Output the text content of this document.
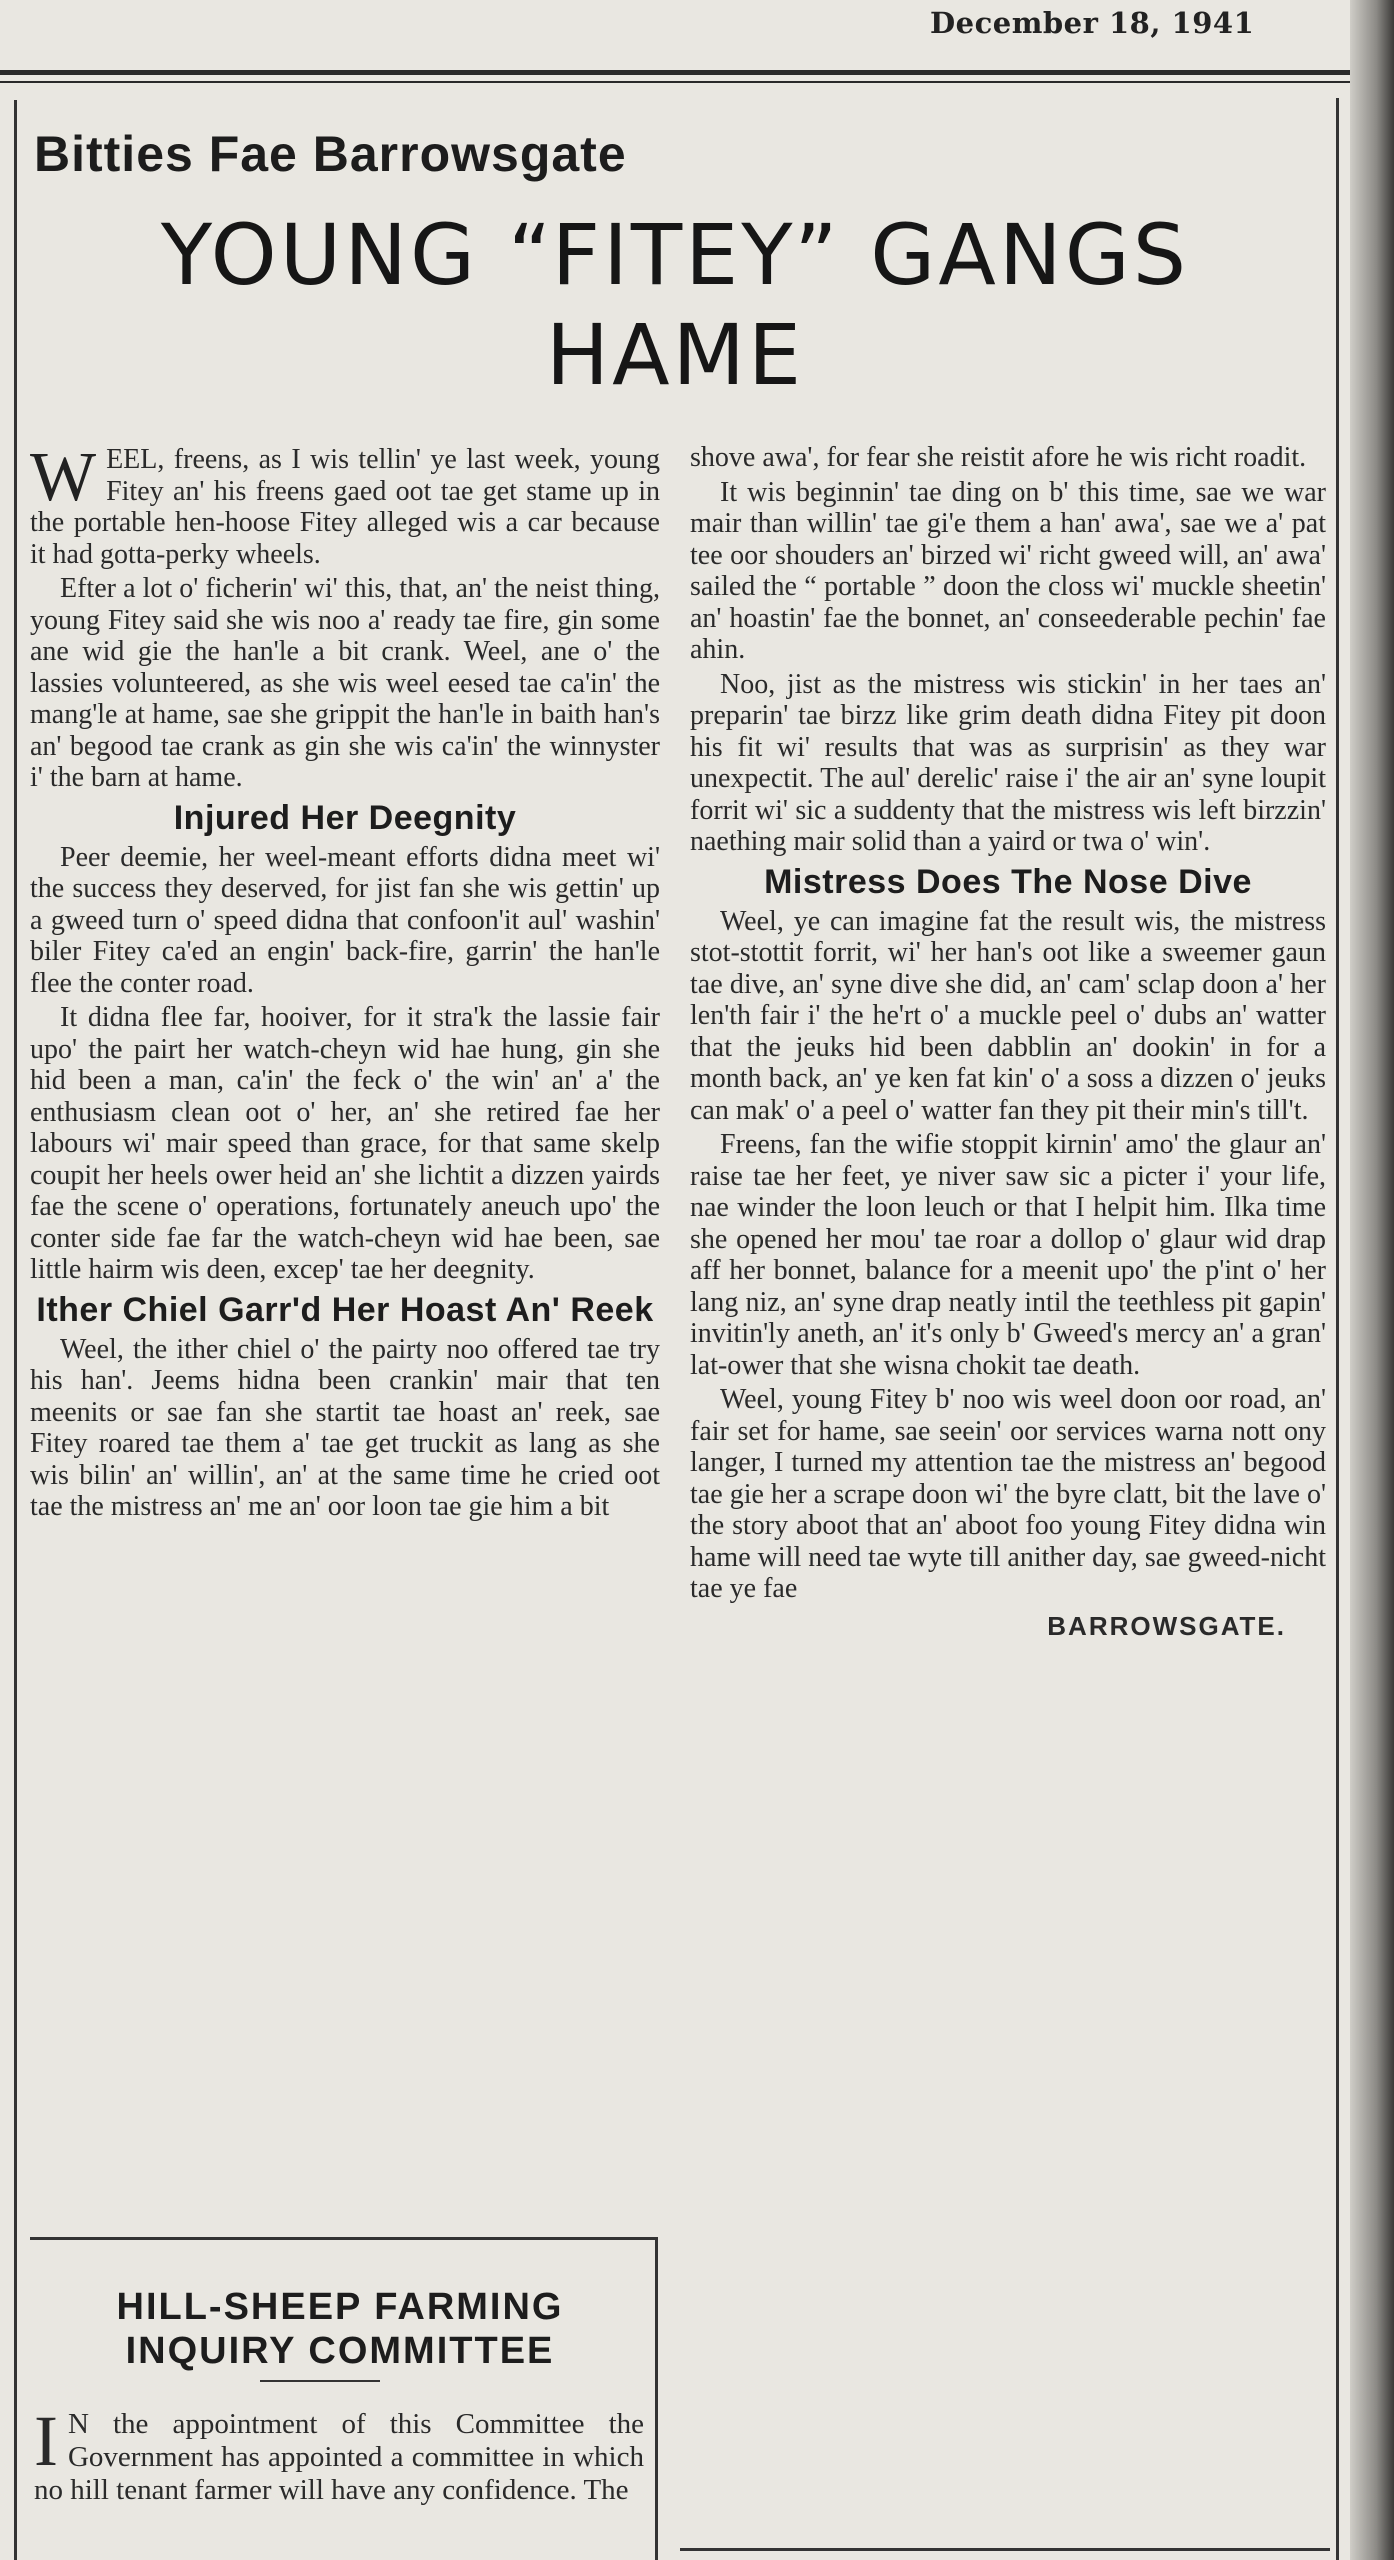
December 18, 1941
Bitties Fae Barrowsgate
YOUNG “FITEY” GANGS HAME

WEEL, freens, as I wis tellin' ye last week, young Fitey an' his freens gaed oot tae get stame up in the portable hen-hoose Fitey alleged wis a car because it had gotta-perky wheels.

Efter a lot o' ficherin' wi' this, that, an' the neist thing, young Fitey said she wis noo a' ready tae fire, gin some ane wid gie the han'le a bit crank. Weel, ane o' the lassies volunteered, as she wis weel eesed tae ca'in' the mang'le at hame, sae she grippit the han'le in baith han's an' begood tae crank as gin she wis ca'in' the winnyster i' the barn at hame.

Injured Her Deegnity

Peer deemie, her weel-meant efforts didna meet wi' the success they deserved, for jist fan she wis gettin' up a gweed turn o' speed didna that confoon'it aul' washin' biler Fitey ca'ed an engin' back-fire, garrin' the han'le flee the conter road.

It didna flee far, hooiver, for it stra'k the lassie fair upo' the pairt her watch-cheyn wid hae hung, gin she hid been a man, ca'in' the feck o' the win' an' a' the enthusiasm clean oot o' her, an' she retired fae her labours wi' mair speed than grace, for that same skelp coupit her heels ower heid an' she lichtit a dizzen yairds fae the scene o' operations, fortunately aneuch upo' the conter side fae far the watch-cheyn wid hae been, sae little hairm wis deen, excep' tae her deegnity.

Ither Chiel Garr'd Her Hoast An' Reek

Weel, the ither chiel o' the pairty noo offered tae try his han'. Jeems hidna been crankin' mair that ten meenits or sae fan she startit tae hoast an' reek, sae Fitey roared tae them a' tae get truckit as lang as she wis bilin' an' willin', an' at the same time he cried oot tae the mistress an' me an' oor loon tae gie him a bit

shove awa', for fear she reistit afore he wis richt roadit.

It wis beginnin' tae ding on b' this time, sae we war mair than willin' tae gi'e them a han' awa', sae we a' pat tee oor shouders an' birzed wi' richt gweed will, an' awa' sailed the “ portable ” doon the closs wi' muckle sheetin' an' hoastin' fae the bonnet, an' conseederable pechin' fae ahin.

Noo, jist as the mistress wis stickin' in her taes an' preparin' tae birzz like grim death didna Fitey pit doon his fit wi' results that was as surprisin' as they war unexpectit. The aul' derelic' raise i' the air an' syne loupit forrit wi' sic a suddenty that the mistress wis left birzzin' naething mair solid than a yaird or twa o' win'.

Mistress Does The Nose Dive

Weel, ye can imagine fat the result wis, the mistress stot-stottit forrit, wi' her han's oot like a sweemer gaun tae dive, an' syne dive she did, an' cam' sclap doon a' her len'th fair i' the he'rt o' a muckle peel o' dubs an' watter that the jeuks hid been dabblin an' dookin' in for a month back, an' ye ken fat kin' o' a soss a dizzen o' jeuks can mak' o' a peel o' watter fan they pit their min's till't.

Freens, fan the wifie stoppit kirnin' amo' the glaur an' raise tae her feet, ye niver saw sic a picter i' your life, nae winder the loon leuch or that I helpit him. Ilka time she opened her mou' tae roar a dollop o' glaur wid drap aff her bonnet, balance for a meenit upo' the p'int o' her lang niz, an' syne drap neatly intil the teethless pit gapin' invitin'ly aneth, an' it's only b' Gweed's mercy an' a gran' lat-ower that she wisna chokit tae death.

Weel, young Fitey b' noo wis weel doon oor road, an' fair set for hame, sae seein' oor services warna nott ony langer, I turned my attention tae the mistress an' begood tae gie her a scrape doon wi' the byre clatt, bit the lave o' the story aboot that an' aboot foo young Fitey didna win hame will need tae wyte till anither day, sae gweed-nicht tae ye fae

BARROWSGATE.
HILL-SHEEP FARMING INQUIRY COMMITTEE
I N the appointment of this Committee the Government has appointed a committee in which no hill tenant farmer will have any confidence. The
